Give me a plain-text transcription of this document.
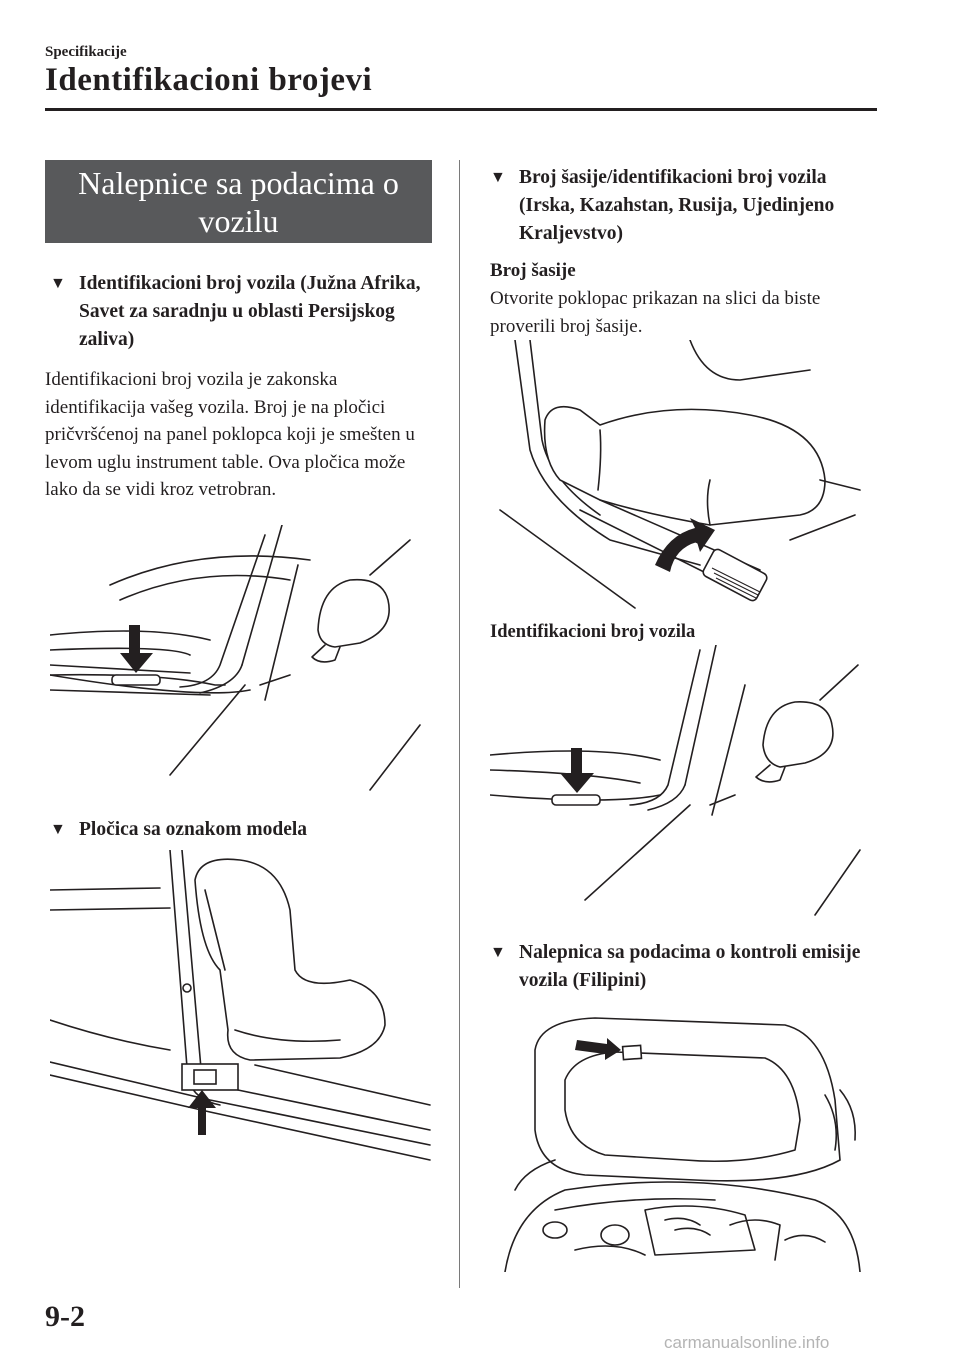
Specifikacije
Identifikacioni brojevi
Nalepnice sa podacima o vozilu
▼ Identifikacioni broj vozila (Južna Afrika, Savet za saradnju u oblasti Persijskog zaliva)
Identifikacioni broj vozila je zakonska identifikacija vašeg vozila. Broj je na pločici pričvršćenoj na panel poklopca koji je smešten u levom uglu instrument table. Ova pločica može lako da se vidi kroz vetrobran.
▼ Pločica sa oznakom modela
▼ Broj šasije/identifikacioni broj vozila (Irska, Kazahstan, Rusija, Ujedinjeno Kraljevstvo)
Broj šasije
Otvorite poklopac prikazan na slici da biste proverili broj šasije.
Identifikacioni broj vozila
▼ Nalepnica sa podacima o kontroli emisije vozila (Filipini)
9-2
carmanualsonline.info
